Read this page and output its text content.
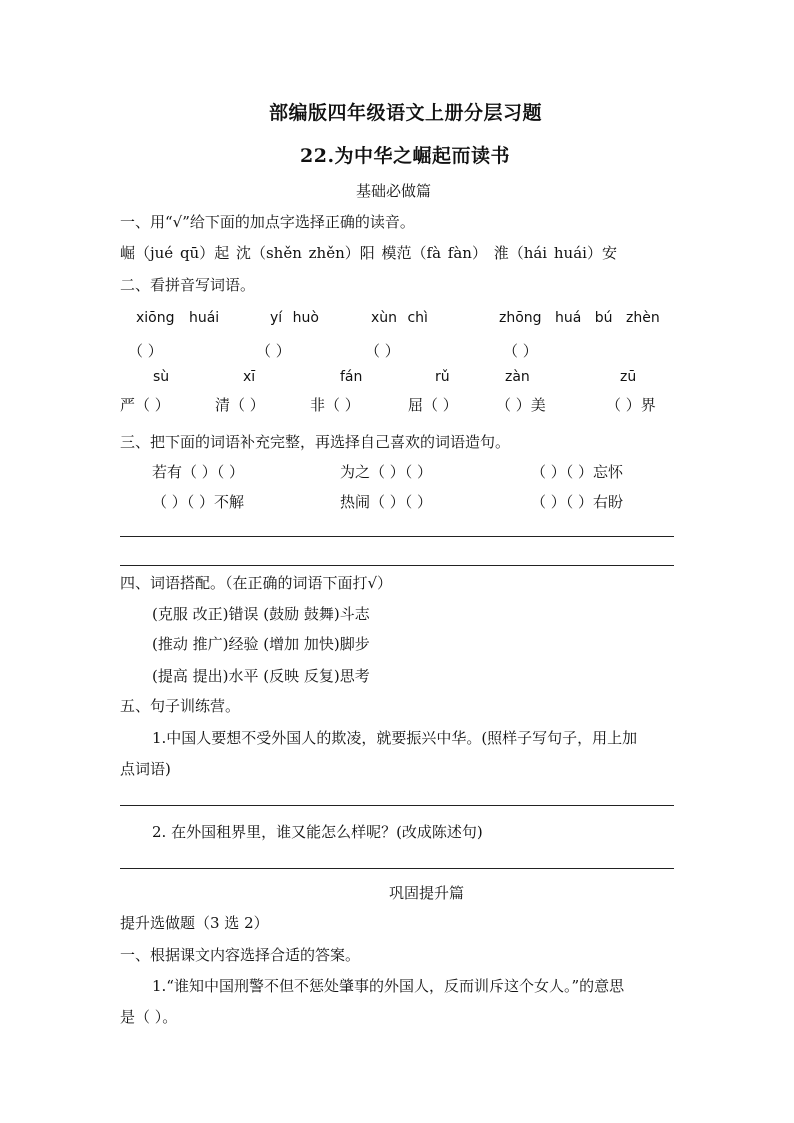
部编版四年级语文上册分层习题
22.为中华之崛起而读书
基础必做篇
一、用“√”给下面的加点字选择正确的读音。
崛（jué qū）起 沈（shěn zhěn）阳 模范（fà fàn） 淮（hái huái）安
二、看拼音写词语。
xiōng huái	yí huò	xùn chì	zhōng huá bú zhèn
（ ）	（ ）	（ ）	（ ）
sù	xī	fán	rǔ	zàn	zū
严（ ）	清（ ）	非（ ）	屈（ ）	（ ）美	（ ）界
三、把下面的词语补充完整，再选择自己喜欢的词语造句。
若有（ ）（ ）	为之（ ）（ ）	（ ）（ ）忘怀
（ ）（ ）不解	热闹（ ）（ ）	（ ）（ ）右盼
四、词语搭配。（在正确的词语下面打√）
(克服 改正)错误 (鼓励 鼓舞)斗志
(推动 推广)经验 (增加 加快)脚步
(提高 提出)水平 (反映 反复)思考
五、句子训练营。
1.中国人要想不受外国人的欺凌，就要振兴中华。(照样子写句子，用上加
点词语)
2. 在外国租界里，谁又能怎么样呢？(改成陈述句)
巩固提升篇
提升选做题（3 选 2）
一、根据课文内容选择合适的答案。
1.“谁知中国刑警不但不惩处肇事的外国人，反而训斥这个女人。”的意思
是（ ）。
